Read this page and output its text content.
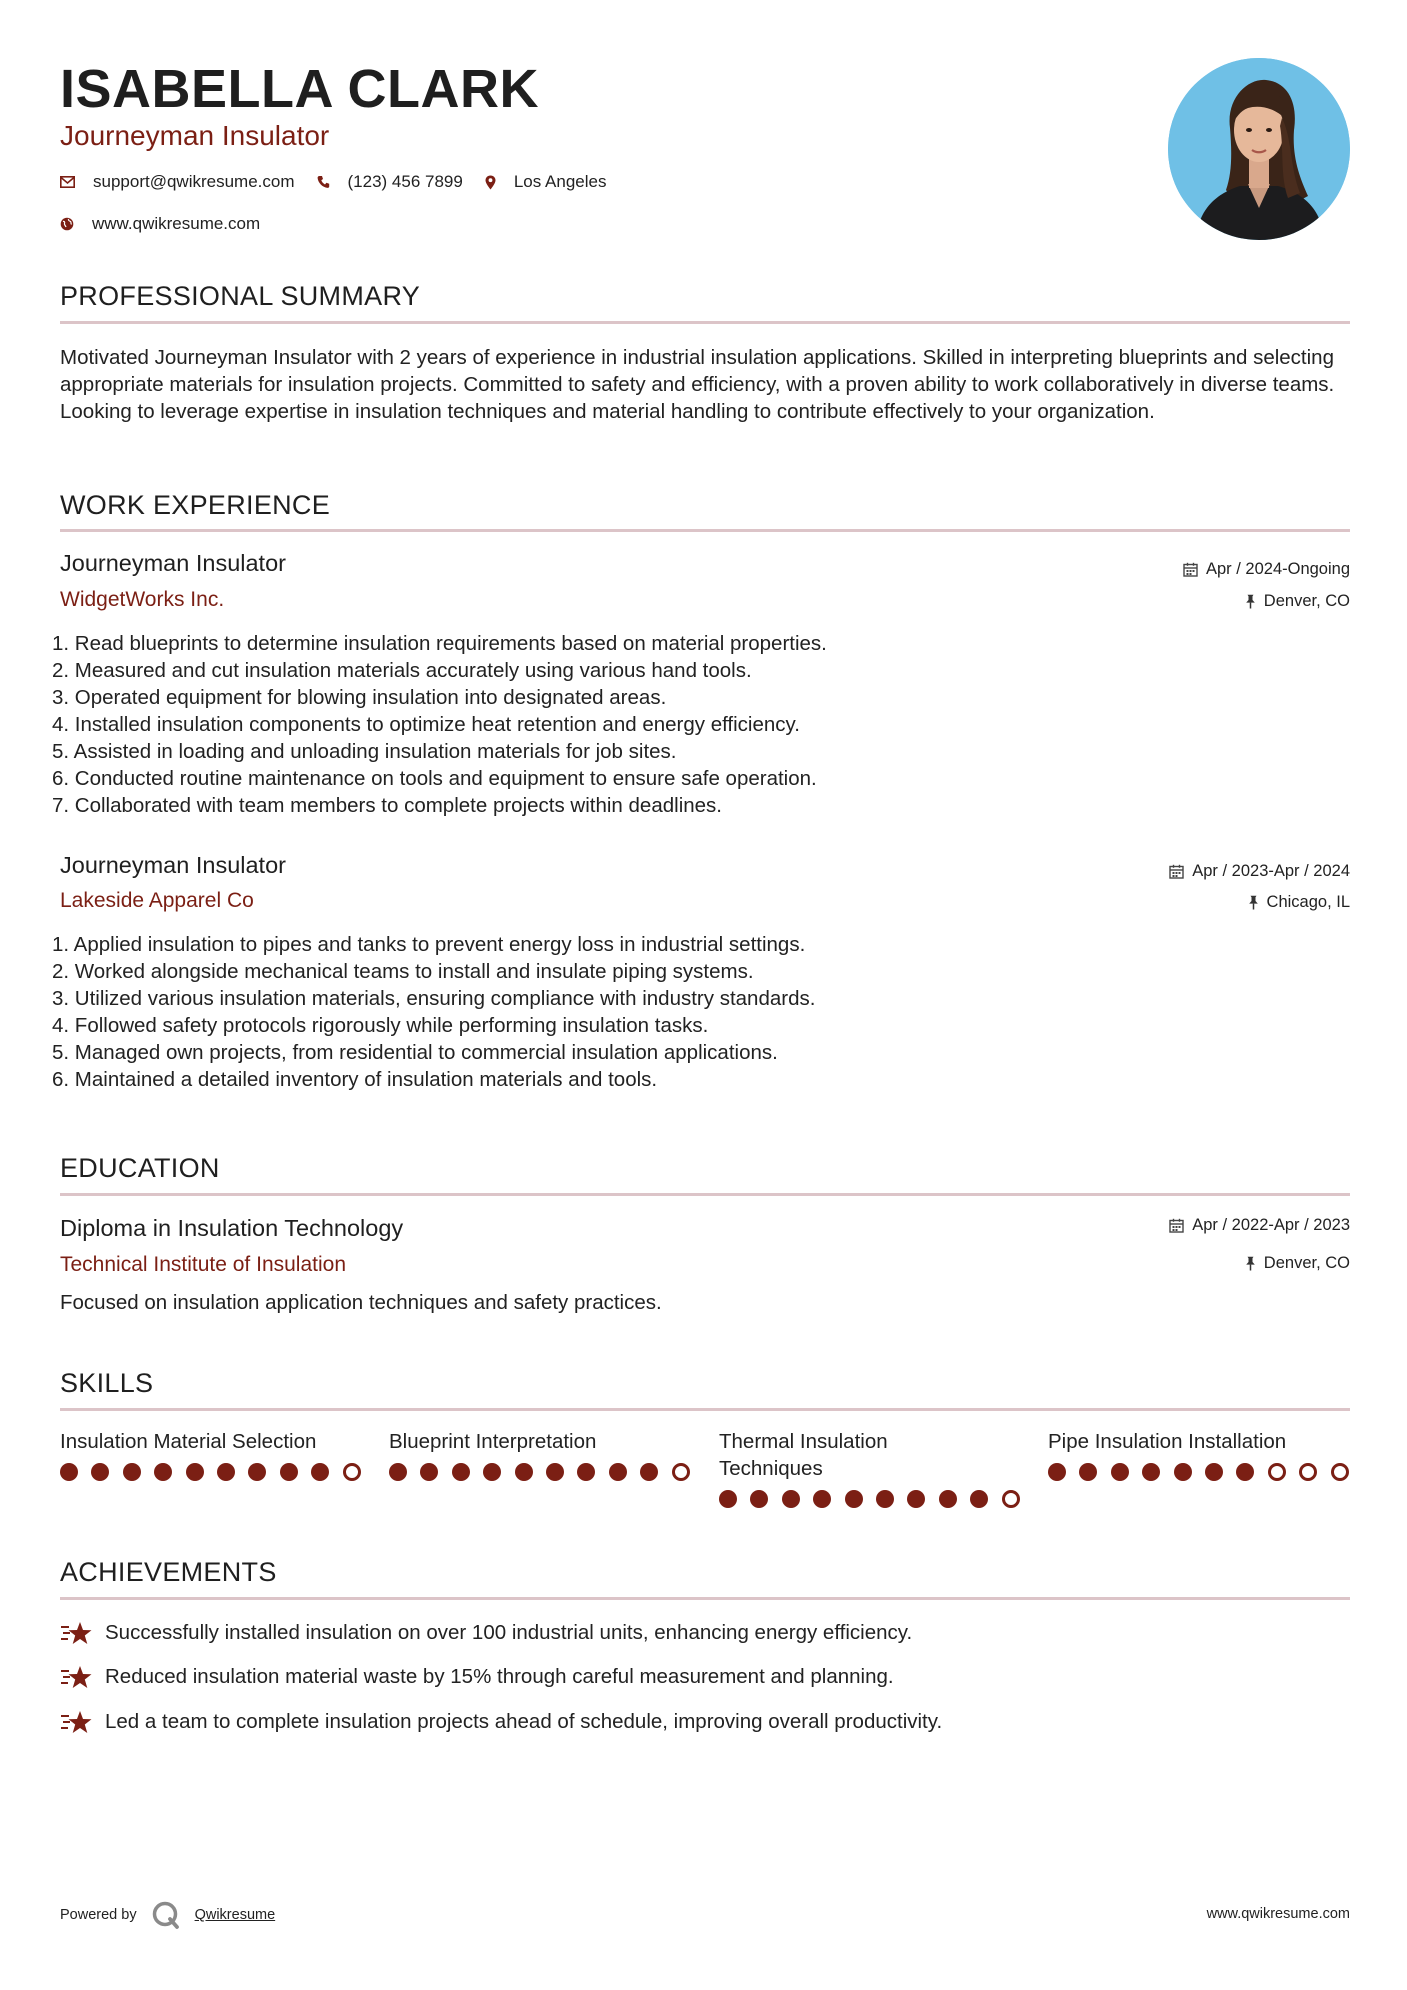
ISABELLA CLARK
Journeyman Insulator
support@qwikresume.com	(123) 456 7899	Los Angeles
www.qwikresume.com
PROFESSIONAL SUMMARY
Motivated Journeyman Insulator with 2 years of experience in industrial insulation applications. Skilled in interpreting blueprints and selecting appropriate materials for insulation projects. Committed to safety and efficiency, with a proven ability to work collaboratively in diverse teams. Looking to leverage expertise in insulation techniques and material handling to contribute effectively to your organization.
WORK EXPERIENCE
Journeyman Insulator
WidgetWorks Inc.
Apr / 2024-Ongoing
Denver, CO
1. Read blueprints to determine insulation requirements based on material properties.
2. Measured and cut insulation materials accurately using various hand tools.
3. Operated equipment for blowing insulation into designated areas.
4. Installed insulation components to optimize heat retention and energy efficiency.
5. Assisted in loading and unloading insulation materials for job sites.
6. Conducted routine maintenance on tools and equipment to ensure safe operation.
7. Collaborated with team members to complete projects within deadlines.
Journeyman Insulator
Lakeside Apparel Co
Apr / 2023-Apr / 2024
Chicago, IL
1. Applied insulation to pipes and tanks to prevent energy loss in industrial settings.
2. Worked alongside mechanical teams to install and insulate piping systems.
3. Utilized various insulation materials, ensuring compliance with industry standards.
4. Followed safety protocols rigorously while performing insulation tasks.
5. Managed own projects, from residential to commercial insulation applications.
6. Maintained a detailed inventory of insulation materials and tools.
EDUCATION
Diploma in Insulation Technology
Technical Institute of Insulation
Apr / 2022-Apr / 2023
Denver, CO
Focused on insulation application techniques and safety practices.
SKILLS
Insulation Material Selection	Blueprint Interpretation	Thermal Insulation Techniques
Pipe Insulation Installation
ACHIEVEMENTS
Successfully installed insulation on over 100 industrial units, enhancing energy efficiency.
Reduced insulation material waste by 15% through careful measurement and planning.
Led a team to complete insulation projects ahead of schedule, improving overall productivity.
Powered by	Qwikresume	www.qwikresume.com
